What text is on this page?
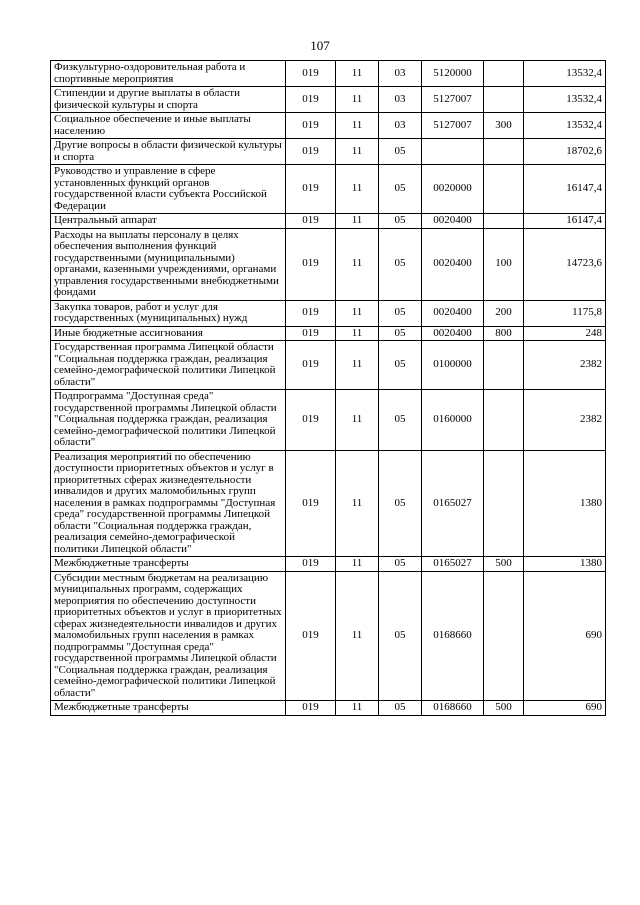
107
Физкультурно-оздоровительная работа и спортивные мероприятия	019	11	03	5120000		13532,4
Стипендии и другие выплаты в области физической культуры и спорта	019	11	03	5127007		13532,4
Социальное обеспечение и иные выплаты населению	019	11	03	5127007	300	13532,4
Другие вопросы в области физической культуры и спорта	019	11	05			18702,6
Руководство и управление в сфере установленных функций органов государственной власти субъекта Российской Федерации	019	11	05	0020000		16147,4
Центральный аппарат	019	11	05	0020400		16147,4
Расходы на выплаты персоналу в целях обеспечения выполнения функций государственными (муниципальными) органами, казенными учреждениями, органами управления государственными внебюджетными фондами	019	11	05	0020400	100	14723,6
Закупка товаров, работ и услуг для государственных (муниципальных) нужд	019	11	05	0020400	200	1175,8
Иные бюджетные ассигнования	019	11	05	0020400	800	248
Государственная программа Липецкой области "Социальная поддержка граждан, реализация семейно-демографической политики Липецкой области"	019	11	05	0100000		2382
Подпрограмма "Доступная среда" государственной программы Липецкой области "Социальная поддержка граждан, реализация семейно-демографической политики Липецкой области"	019	11	05	0160000		2382
Реализация мероприятий по обеспечению доступности приоритетных объектов и услуг в приоритетных сферах жизнедеятельности инвалидов и других маломобильных групп населения в рамках подпрограммы "Доступная среда" государственной программы Липецкой области "Социальная поддержка граждан, реализация семейно-демографической политики Липецкой области"	019	11	05	0165027		1380
Межбюджетные трансферты	019	11	05	0165027	500	1380
Субсидии местным бюджетам на реализацию муниципальных программ, содержащих мероприятия по обеспечению доступности приоритетных объектов и услуг в приоритетных сферах жизнедеятельности инвалидов и других маломобильных групп населения в рамках подпрограммы "Доступная среда" государственной программы Липецкой области "Социальная поддержка граждан, реализация семейно-демографической политики Липецкой области"	019	11	05	0168660		690
Межбюджетные трансферты	019	11	05	0168660	500	690
